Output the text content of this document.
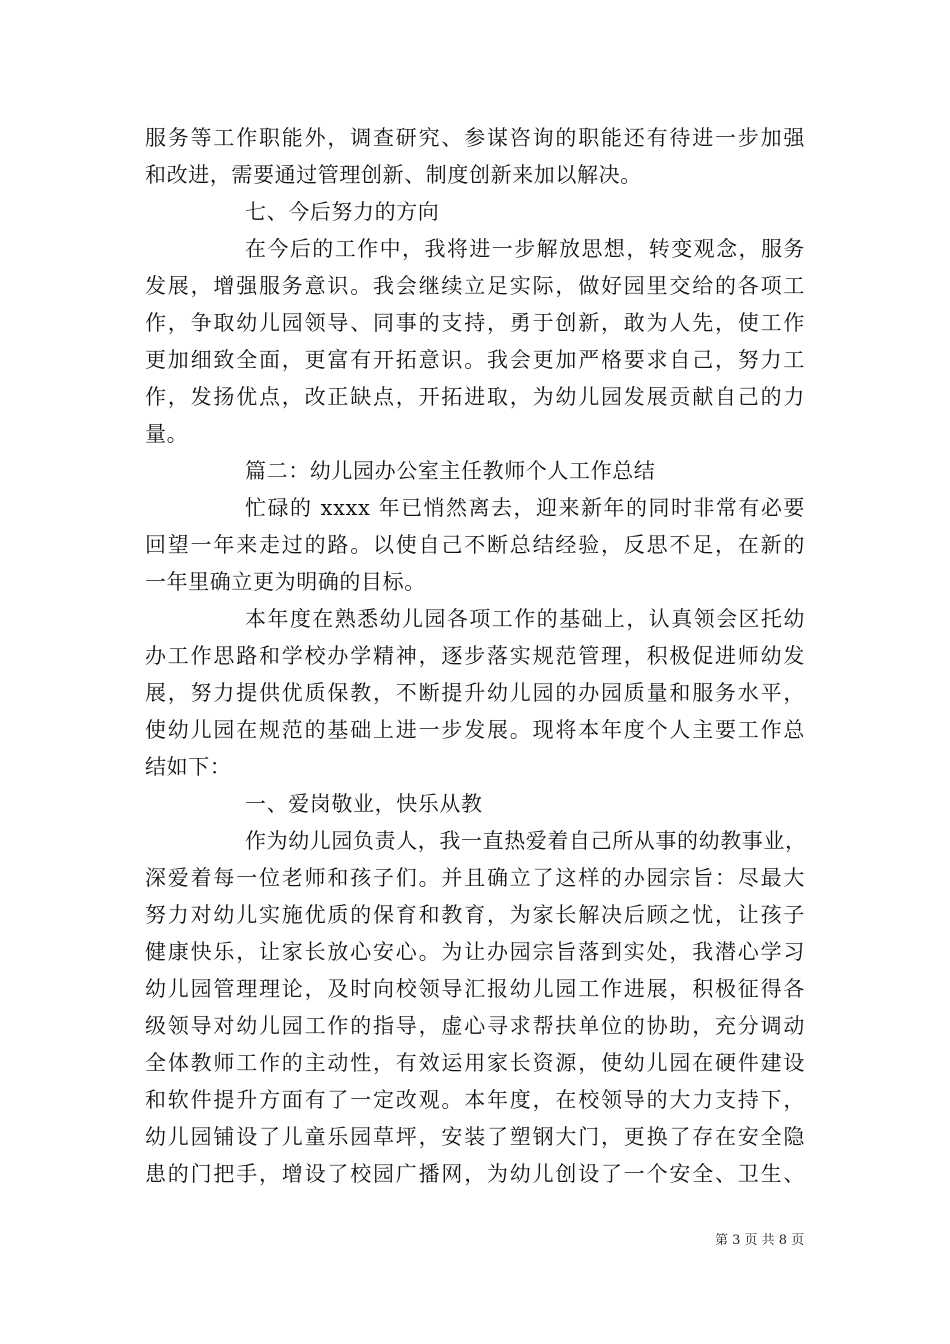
服务等工作职能外，调查研究、参谋咨询的职能还有待进一步加强
和改进，需要通过管理创新、制度创新来加以解决。
七、今后努力的方向
在今后的工作中，我将进一步解放思想，转变观念，服务
发展，增强服务意识。我会继续立足实际，做好园里交给的各项工
作，争取幼儿园领导、同事的支持，勇于创新，敢为人先，使工作
更加细致全面，更富有开拓意识。我会更加严格要求自己，努力工
作，发扬优点，改正缺点，开拓进取，为幼儿园发展贡献自己的力
量。
篇二：幼儿园办公室主任教师个人工作总结
忙碌的 xxxx 年已悄然离去，迎来新年的同时非常有必要
回望一年来走过的路。以使自己不断总结经验，反思不足，在新的
一年里确立更为明确的目标。
本年度在熟悉幼儿园各项工作的基础上，认真领会区托幼
办工作思路和学校办学精神，逐步落实规范管理，积极促进师幼发
展，努力提供优质保教，不断提升幼儿园的办园质量和服务水平，
使幼儿园在规范的基础上进一步发展。现将本年度个人主要工作总
结如下：
一、爱岗敬业，快乐从教
作为幼儿园负责人，我一直热爱着自己所从事的幼教事业，
深爱着每一位老师和孩子们。并且确立了这样的办园宗旨：尽最大
努力对幼儿实施优质的保育和教育，为家长解决后顾之忧，让孩子
健康快乐，让家长放心安心。为让办园宗旨落到实处，我潜心学习
幼儿园管理理论，及时向校领导汇报幼儿园工作进展，积极征得各
级领导对幼儿园工作的指导，虚心寻求帮扶单位的协助，充分调动
全体教师工作的主动性，有效运用家长资源，使幼儿园在硬件建设
和软件提升方面有了一定改观。本年度，在校领导的大力支持下，
幼儿园铺设了儿童乐园草坪，安装了塑钢大门，更换了存在安全隐
患的门把手，增设了校园广播网，为幼儿创设了一个安全、卫生、
第 3 页 共 8 页
